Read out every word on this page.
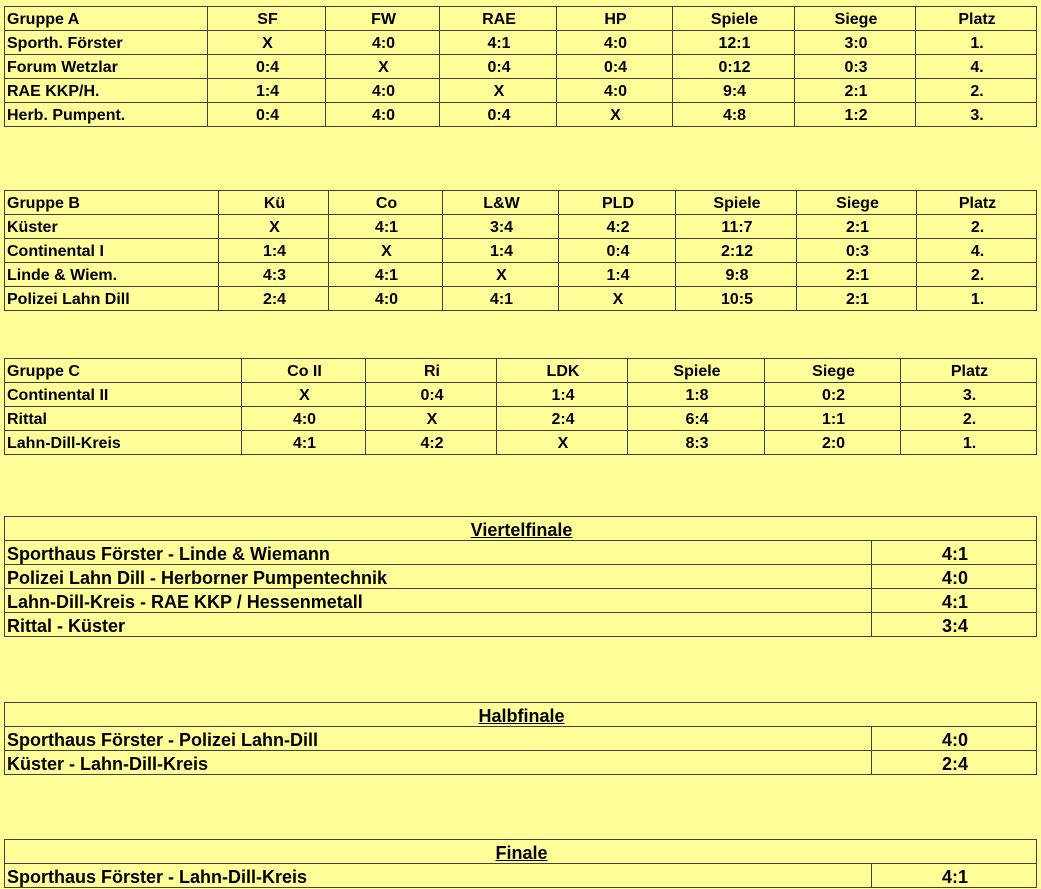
Gruppe A	SF	FW	RAE	HP	Spiele	Siege	Platz
Sporth. Förster	X	4:0	4:1	4:0	12:1	3:0	1.
Forum Wetzlar	0:4	X	0:4	0:4	0:12	0:3	4.
RAE KKP/H.	1:4	4:0	X	4:0	9:4	2:1	2.
Herb. Pumpent.	0:4	4:0	0:4	X	4:8	1:2	3.
Gruppe B	Kü	Co	L&W	PLD	Spiele	Siege	Platz
Küster	X	4:1	3:4	4:2	11:7	2:1	2.
Continental I	1:4	X	1:4	0:4	2:12	0:3	4.
Linde & Wiem.	4:3	4:1	X	1:4	9:8	2:1	2.
Polizei Lahn Dill	2:4	4:0	4:1	X	10:5	2:1	1.
Gruppe C	Co II	Ri	LDK	Spiele	Siege	Platz
Continental II	X	0:4	1:4	1:8	0:2	3.
Rittal	4:0	X	2:4	6:4	1:1	2.
Lahn-Dill-Kreis	4:1	4:2	X	8:3	2:0	1.
Viertelfinale	
Sporthaus Förster - Linde & Wiemann	4:1
Polizei Lahn Dill - Herborner Pumpentechnik	4:0
Lahn-Dill-Kreis - RAE KKP / Hessenmetall	4:1
Rittal - Küster	3:4
Halbfinale	
Sporthaus Förster - Polizei Lahn-Dill	4:0
Küster - Lahn-Dill-Kreis	2:4
Finale
Sporthaus Förster - Lahn-Dill-Kreis	4:1
